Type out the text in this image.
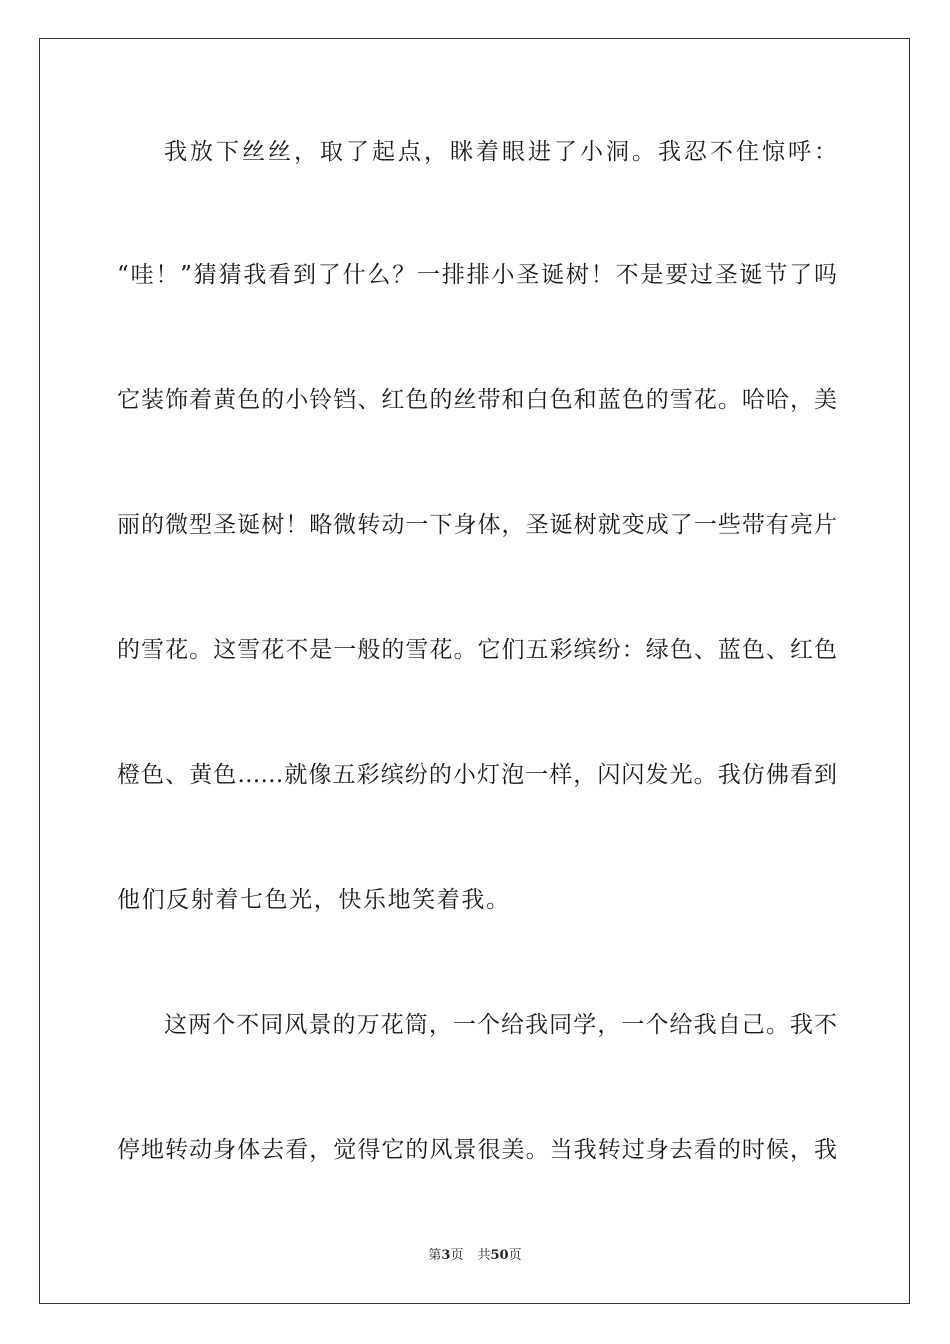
我放下丝丝，取了起点，眯着眼进了小洞。我忍不住惊呼：
“哇！”猜猜我看到了什么？一排排小圣诞树！不是要过圣诞节了吗
它装饰着黄色的小铃铛、红色的丝带和白色和蓝色的雪花。哈哈，美
丽的微型圣诞树！略微转动一下身体，圣诞树就变成了一些带有亮片
的雪花。这雪花不是一般的雪花。它们五彩缤纷：绿色、蓝色、红色
橙色、黄色……就像五彩缤纷的小灯泡一样，闪闪发光。我仿佛看到
他们反射着七色光，快乐地笑着我。
这两个不同风景的万花筒，一个给我同学，一个给我自己。我不
停地转动身体去看，觉得它的风景很美。当我转过身去看的时候，我
第3页 共50页
